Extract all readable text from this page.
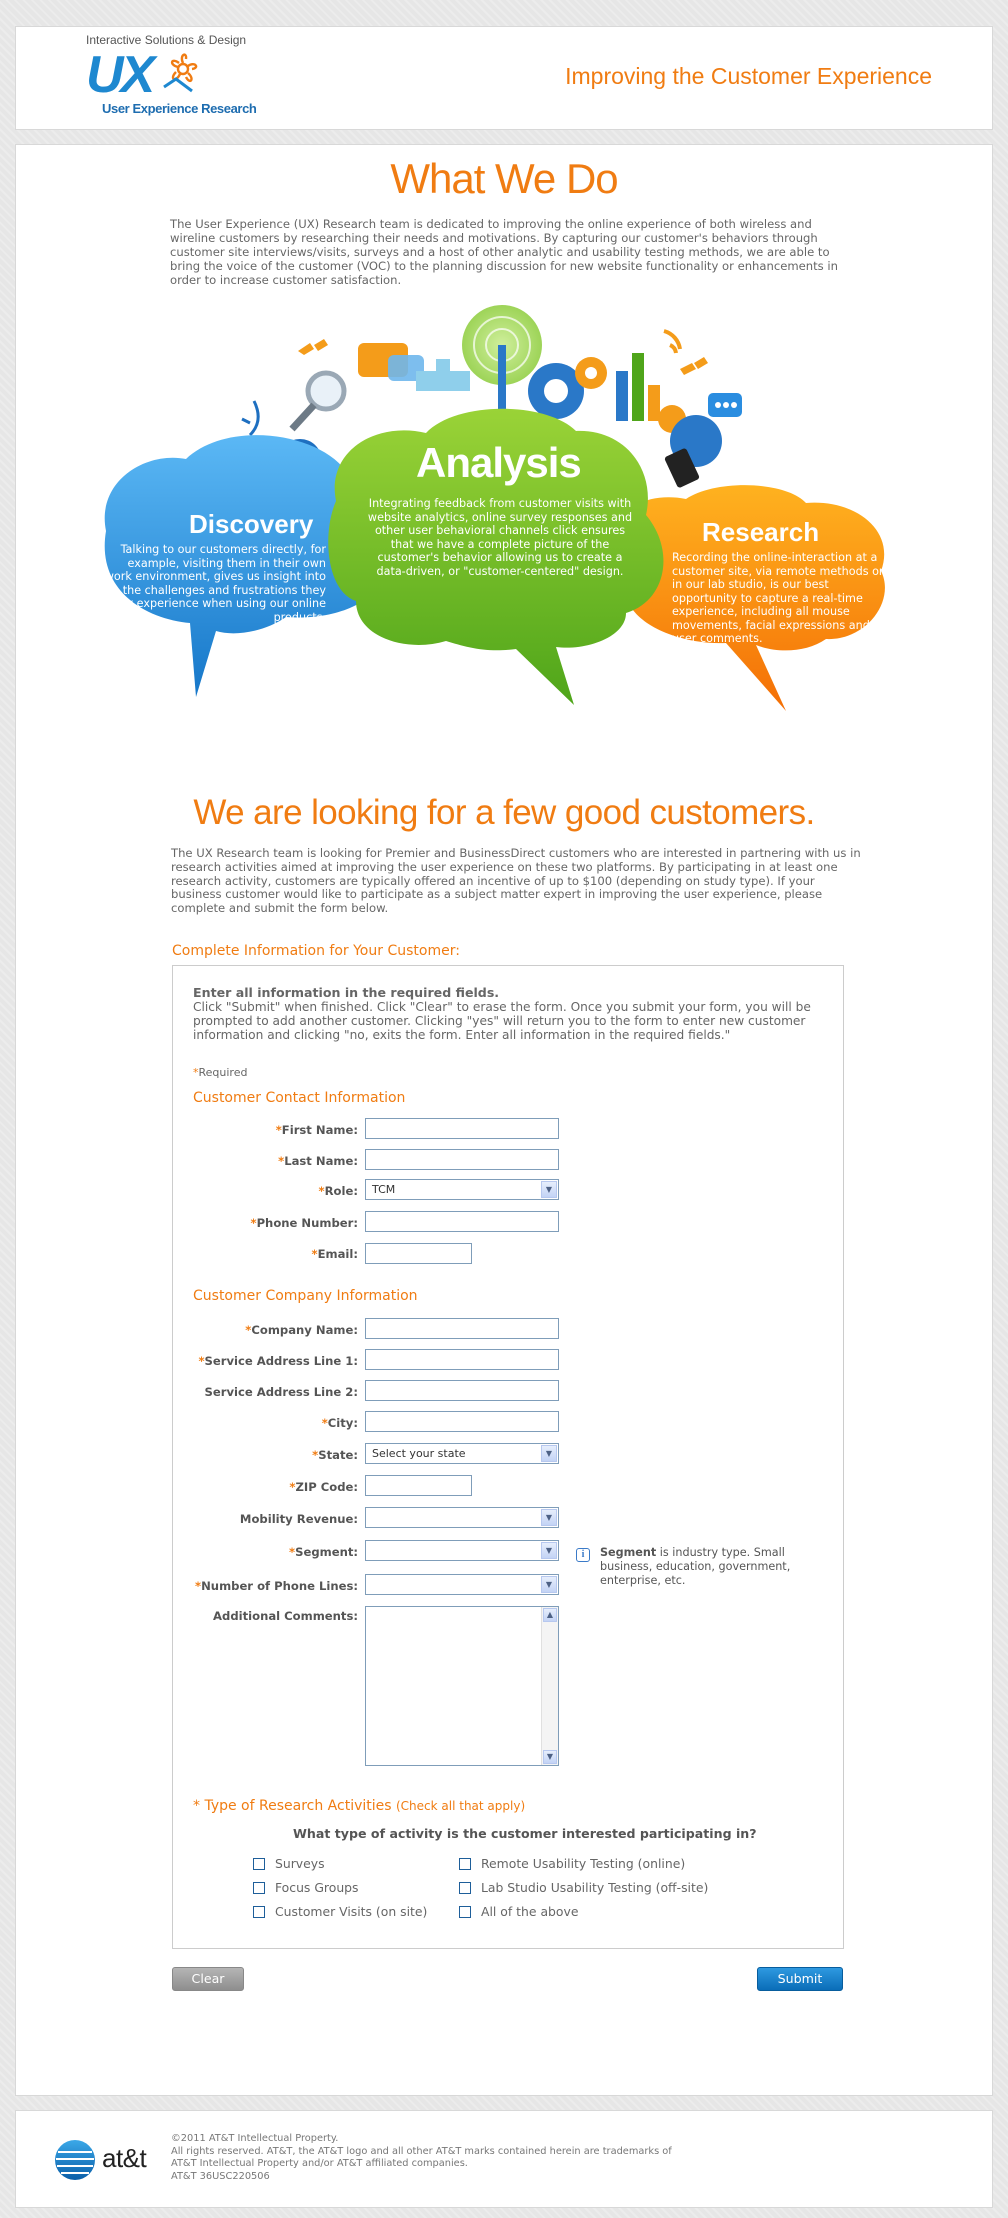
Interactive Solutions & Design
UX
User Experience Research
Improving the Customer Experience
What We Do
The User Experience (UX) Research team is dedicated to improving the online experience of both wireless and wireline customers by researching their needs and motivations. By capturing our customer's behaviors through customer site interviews/visits, surveys and a host of other analytic and usability testing methods, we are able to bring the voice of the customer (VOC) to the planning discussion for new website functionality or enhancements in order to increase customer satisfaction.
Discovery
Talking to our customers directly, for example, visiting them in their own work environment, gives us insight into the challenges and frustrations they may experience when using our online products.
Analysis
Integrating feedback from customer visits with website analytics, online survey responses and other user behavioral channels click ensures that we have a complete picture of the customer's behavior allowing us to create a data-driven, or "customer-centered" design.
Research
Recording the online-interaction at a customer site, via remote methods or in our lab studio, is our best opportunity to capture a real-time experience, including all mouse movements, facial expressions and user comments.
We are looking for a few good customers.
The UX Research team is looking for Premier and BusinessDirect customers who are interested in partnering with us in research activities aimed at improving the user experience on these two platforms. By participating in at least one research activity, customers are typically offered an incentive of up to $100 (depending on study type). If your business customer would like to participate as a subject matter expert in improving the user experience, please complete and submit the form below.
Complete Information for Your Customer:
Enter all information in the required fields.
Click "Submit" when finished. Click "Clear" to erase the form. Once you submit your form, you will be prompted to add another customer. Clicking "yes" will return you to the form to enter new customer information and clicking "no, exits the form. Enter all information in the required fields."
*Required
Customer Contact Information
*First Name:
*Last Name:
*Role:	TCM	▼
*Phone Number:
*Email:
Customer Company Information
*Company Name:
*Service Address Line 1:
Service Address Line 2:
*City:
*State:	Select your state	▼
*ZIP Code:
Mobility Revenue:	▼
*Segment:	▼	i	Segment is industry type. Small business, education, government, enterprise, etc.
*Number of Phone Lines:	▼
Additional Comments:	▲
▼
* Type of Research Activities (Check all that apply)
What type of activity is the customer interested participating in?
Surveys
Focus Groups
Customer Visits (on site)
Remote Usability Testing (online)
Lab Studio Usability Testing (off-site)
All of the above
Clear	Submit
at&t
©2011 AT&T Intellectual Property.
All rights reserved. AT&T, the AT&T logo and all other AT&T marks contained herein are trademarks of AT&T Intellectual Property and/or AT&T affiliated companies.
AT&T 36USC220506
